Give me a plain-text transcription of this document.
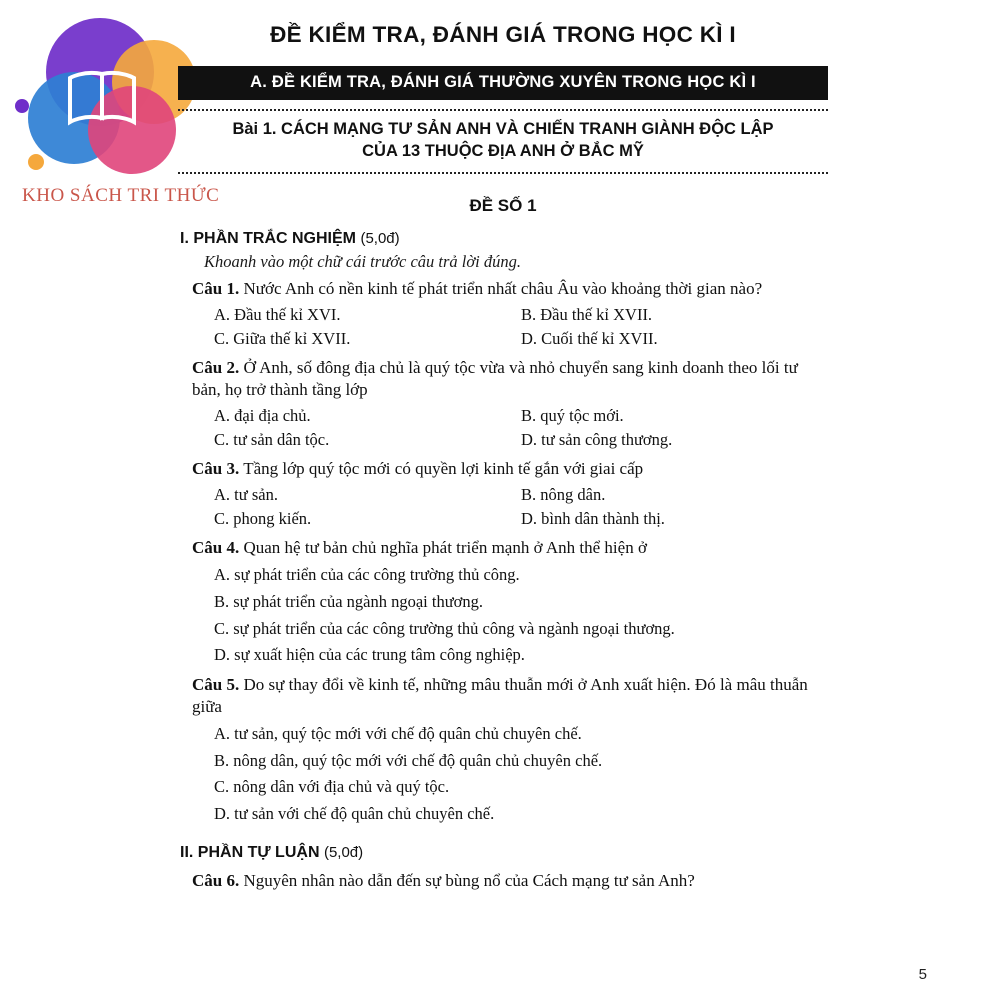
KHO SÁCH TRI THỨC
ĐỀ KIỂM TRA, ĐÁNH GIÁ TRONG HỌC KÌ I
A. ĐỀ KIỂM TRA, ĐÁNH GIÁ THƯỜNG XUYÊN TRONG HỌC KÌ I
Bài 1. CÁCH MẠNG TƯ SẢN ANH VÀ CHIẾN TRANH GIÀNH ĐỘC LẬP
CỦA 13 THUỘC ĐỊA ANH Ở BẮC MỸ
ĐỀ SỐ 1
I. PHẦN TRẮC NGHIỆM (5,0đ)
Khoanh vào một chữ cái trước câu trả lời đúng.
Câu 1. Nước Anh có nền kinh tế phát triển nhất châu Âu vào khoảng thời gian nào?
A. Đầu thế kỉ XVI.	B. Đầu thế kỉ XVII.
C. Giữa thế kỉ XVII.	D. Cuối thế kỉ XVII.
Câu 2. Ở Anh, số đông địa chủ là quý tộc vừa và nhỏ chuyển sang kinh doanh theo lối tư bản, họ trở thành tầng lớp
A. đại địa chủ.	B. quý tộc mới.
C. tư sản dân tộc.	D. tư sản công thương.
Câu 3. Tầng lớp quý tộc mới có quyền lợi kinh tế gắn với giai cấp
A. tư sản.	B. nông dân.
C. phong kiến.	D. bình dân thành thị.
Câu 4. Quan hệ tư bản chủ nghĩa phát triển mạnh ở Anh thể hiện ở
A. sự phát triển của các công trường thủ công.
B. sự phát triển của ngành ngoại thương.
C. sự phát triển của các công trường thủ công và ngành ngoại thương.
D. sự xuất hiện của các trung tâm công nghiệp.
Câu 5. Do sự thay đổi về kinh tế, những mâu thuẫn mới ở Anh xuất hiện. Đó là mâu thuẫn giữa
A. tư sản, quý tộc mới với chế độ quân chủ chuyên chế.
B. nông dân, quý tộc mới với chế độ quân chủ chuyên chế.
C. nông dân với địa chủ và quý tộc.
D. tư sản với chế độ quân chủ chuyên chế.
II. PHẦN TỰ LUẬN (5,0đ)
Câu 6. Nguyên nhân nào dẫn đến sự bùng nổ của Cách mạng tư sản Anh?
5
